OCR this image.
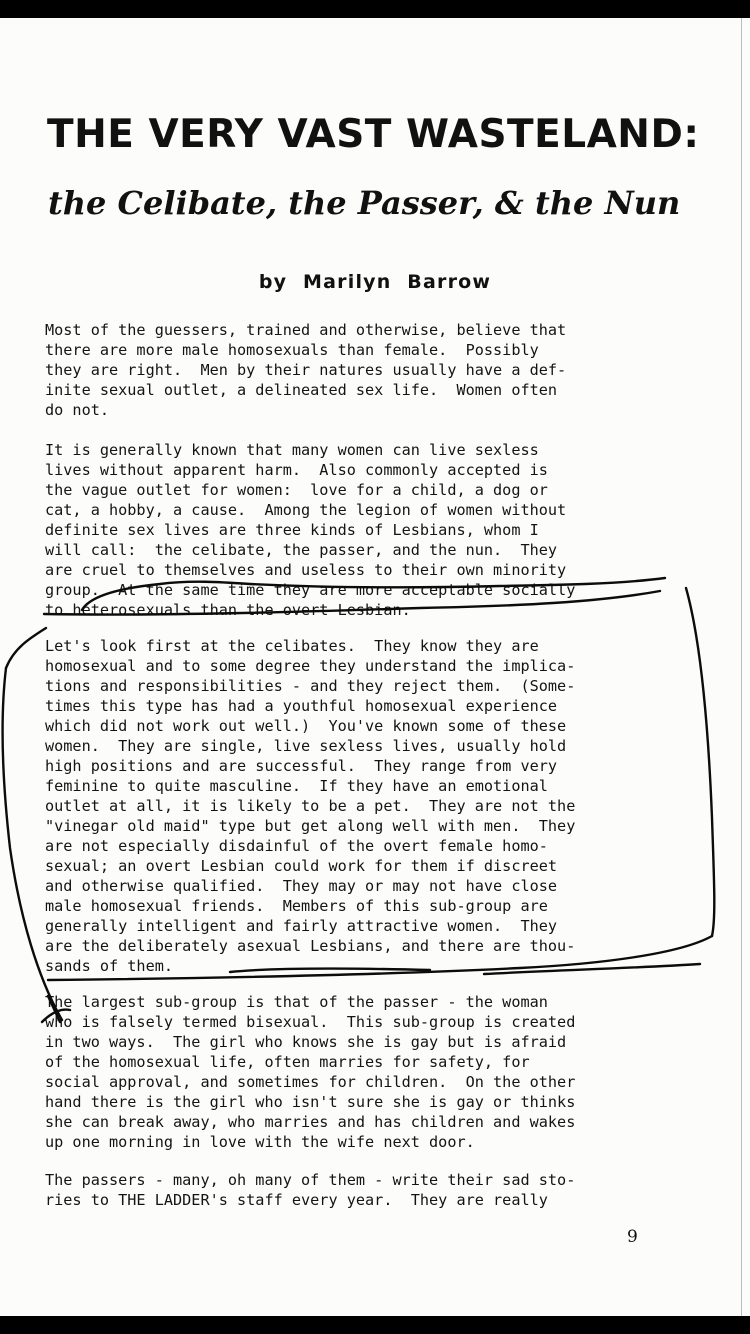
THE VERY VAST WASTELAND:
the Celibate, the Passer, & the Nun
by Marilyn Barrow

Most of the guessers, trained and otherwise, believe that
there are more male homosexuals than female.  Possibly
they are right.  Men by their natures usually have a def-
inite sexual outlet, a delineated sex life.  Women often
do not.

It is generally known that many women can live sexless
lives without apparent harm.  Also commonly accepted is
the vague outlet for women:  love for a child, a dog or
cat, a hobby, a cause.  Among the legion of women without
definite sex lives are three kinds of Lesbians, whom I
will call:  the celibate, the passer, and the nun.  They
are cruel to themselves and useless to their own minority
group.  At the same time they are more acceptable socially
to heterosexuals than the overt Lesbian.

Let's look first at the celibates.  They know they are
homosexual and to some degree they understand the implica-
tions and responsibilities - and they reject them.  (Some-
times this type has had a youthful homosexual experience
which did not work out well.)  You've known some of these
women.  They are single, live sexless lives, usually hold
high positions and are successful.  They range from very
feminine to quite masculine.  If they have an emotional
outlet at all, it is likely to be a pet.  They are not the
"vinegar old maid" type but get along well with men.  They
are not especially disdainful of the overt female homo-
sexual; an overt Lesbian could work for them if discreet
and otherwise qualified.  They may or may not have close
male homosexual friends.  Members of this sub-group are
generally intelligent and fairly attractive women.  They
are the deliberately asexual Lesbians, and there are thou-
sands of them.

The largest sub-group is that of the passer - the woman
who is falsely termed bisexual.  This sub-group is created
in two ways.  The girl who knows she is gay but is afraid
of the homosexual life, often marries for safety, for
social approval, and sometimes for children.  On the other
hand there is the girl who isn't sure she is gay or thinks
she can break away, who marries and has children and wakes
up one morning in love with the wife next door.

The passers - many, oh many of them - write their sad sto-
ries to THE LADDER's staff every year.  They are really

9
